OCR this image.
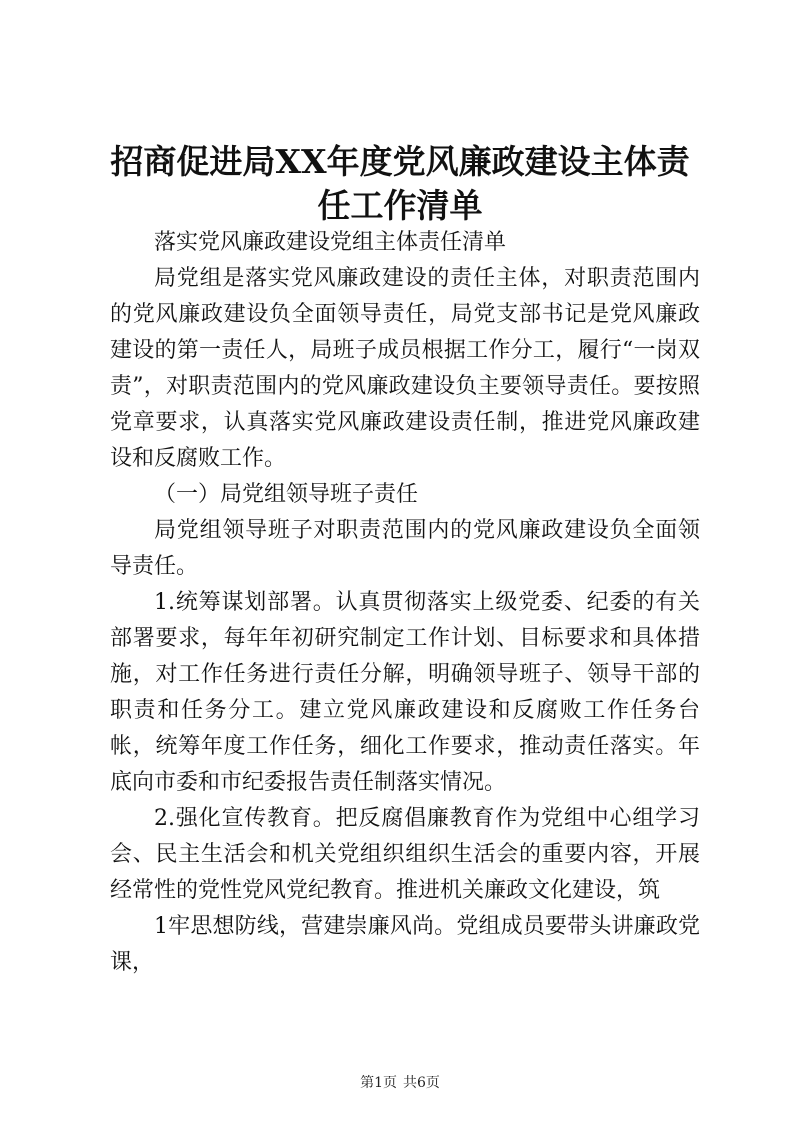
招商促进局XX年度党风廉政建设主体责任工作清单

落实党风廉政建设党组主体责任清单

局党组是落实党风廉政建设的责任主体，对职责范围内的党风廉政建设负全面领导责任，局党支部书记是党风廉政建设的第一责任人，局班子成员根据工作分工，履行“一岗双责”，对职责范围内的党风廉政建设负主要领导责任。要按照党章要求，认真落实党风廉政建设责任制，推进党风廉政建设和反腐败工作。

（一）局党组领导班子责任

局党组领导班子对职责范围内的党风廉政建设负全面领导责任。

1.统筹谋划部署。认真贯彻落实上级党委、纪委的有关部署要求，每年年初研究制定工作计划、目标要求和具体措施，对工作任务进行责任分解，明确领导班子、领导干部的职责和任务分工。建立党风廉政建设和反腐败工作任务台帐，统筹年度工作任务，细化工作要求，推动责任落实。年底向市委和市纪委报告责任制落实情况。

2.强化宣传教育。把反腐倡廉教育作为党组中心组学习会、民主生活会和机关党组织组织生活会的重要内容，开展经常性的党性党风党纪教育。推进机关廉政文化建设，筑

1牢思想防线，营建崇廉风尚。党组成员要带头讲廉政党课，

第1页 共6页
